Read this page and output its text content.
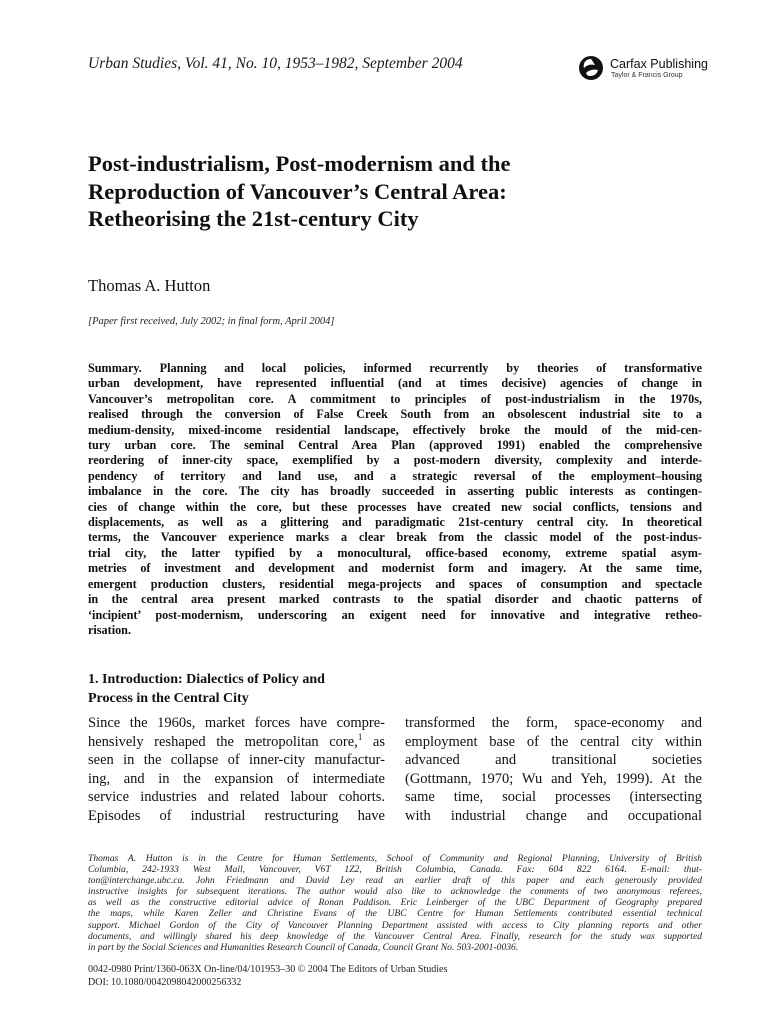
Urban Studies, Vol. 41, No. 10, 1953–1982, September 2004	Carfax Publishing
Taylor & Francis Group
Post-industrialism, Post-modernism and the
Reproduction of Vancouver’s Central Area:
Retheorising the 21st-century City
Thomas A. Hutton
[Paper first received, July 2002; in final form, April 2004]
Summary. Planning and local policies, informed recurrently by theories of transformative
urban development, have represented influential (and at times decisive) agencies of change in
Vancouver’s metropolitan core. A commitment to principles of post-industrialism in the 1970s,
realised through the conversion of False Creek South from an obsolescent industrial site to a
medium-density, mixed-income residential landscape, effectively broke the mould of the mid-cen-
tury urban core. The seminal Central Area Plan (approved 1991) enabled the comprehensive
reordering of inner-city space, exemplified by a post-modern diversity, complexity and interde-
pendency of territory and land use, and a strategic reversal of the employment–housing
imbalance in the core. The city has broadly succeeded in asserting public interests as contingen-
cies of change within the core, but these processes have created new social conflicts, tensions and
displacements, as well as a glittering and paradigmatic 21st-century central city. In theoretical
terms, the Vancouver experience marks a clear break from the classic model of the post-indus-
trial city, the latter typified by a monocultural, office-based economy, extreme spatial asym-
metries of investment and development and modernist form and imagery. At the same time,
emergent production clusters, residential mega-projects and spaces of consumption and spectacle
in the central area present marked contrasts to the spatial disorder and chaotic patterns of
‘incipient’ post-modernism, underscoring an exigent need for innovative and integrative retheo-
risation.
1. Introduction: Dialectics of Policy and
Process in the Central City
Since the 1960s, market forces have compre-
hensively reshaped the metropolitan core,$^1$ as
seen in the collapse of inner-city manufactur-
ing, and in the expansion of intermediate
service industries and related labour cohorts.
Episodes of industrial restructuring have
transformed the form, space-economy and
employment base of the central city within
advanced and transitional societies
(Gottmann, 1970; Wu and Yeh, 1999). At the
same time, social processes (intersecting
with industrial change and occupational
Thomas A. Hutton is in the Centre for Human Settlements, School of Community and Regional Planning, University of British
Columbia, 242-1933 West Mall, Vancouver, V6T 1Z2, British Columbia, Canada. Fax: 604 822 6164. E-mail: thut-
ton@interchange.ubc.ca. John Friedmann and David Ley read an earlier draft of this paper and each generously provided
instructive insights for subsequent iterations. The author would also like to acknowledge the comments of two anonymous referees,
as well as the constructive editorial advice of Ronan Paddison. Eric Leinberger of the UBC Department of Geography prepared
the maps, while Karen Zeller and Christine Evans of the UBC Centre for Human Settlements contributed essential technical
support. Michael Gordon of the City of Vancouver Planning Department assisted with access to City planning reports and other
documents, and willingly shared his deep knowledge of the Vancouver Central Area. Finally, research for the study was supported
in part by the Social Sciences and Humanities Research Council of Canada, Council Grant No. 503-2001-0036.
0042-0980 Print/1360-063X On-line/04/101953–30 © 2004 The Editors of Urban Studies
DOI: 10.1080/0042098042000256332
